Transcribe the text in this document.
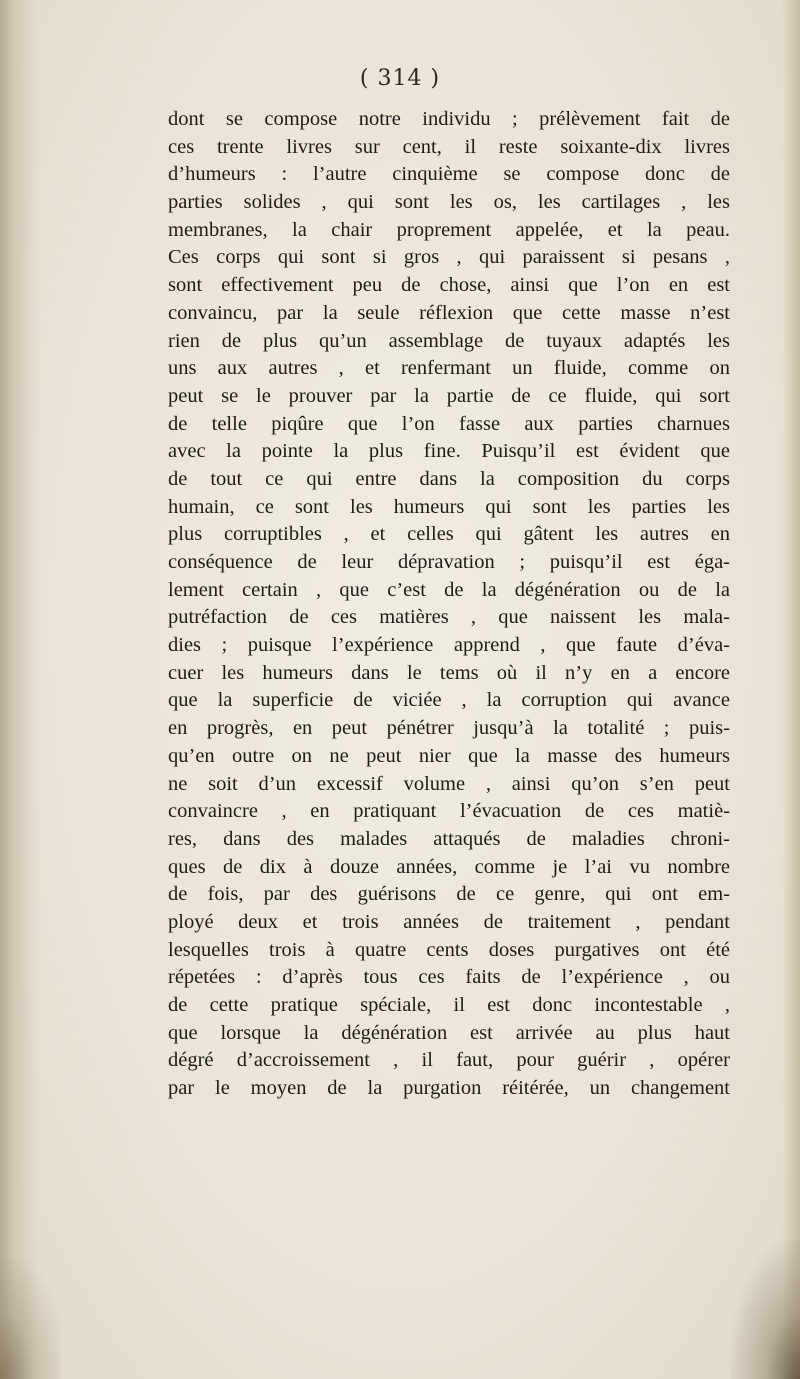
( 314 )
dont se compose notre individu ; prélèvement fait de
ces trente livres sur cent, il reste soixante-dix livres
d’humeurs : l’autre cinquième se compose donc de
parties solides , qui sont les os, les cartilages , les
membranes, la chair proprement appelée, et la peau.
Ces corps qui sont si gros , qui paraissent si pesans ,
sont effectivement peu de chose, ainsi que l’on en est
convaincu, par la seule réflexion que cette masse n’est
rien de plus qu’un assemblage de tuyaux adaptés les
uns aux autres , et renfermant un fluide, comme on
peut se le prouver par la partie de ce fluide, qui sort
de telle piqûre que l’on fasse aux parties charnues
avec la pointe la plus fine. Puisqu’il est évident que
de tout ce qui entre dans la composition du corps
humain, ce sont les humeurs qui sont les parties les
plus corruptibles , et celles qui gâtent les autres en
conséquence de leur dépravation ; puisqu’il est éga-
lement certain , que c’est de la dégénération ou de la
putréfaction de ces matières , que naissent les mala-
dies ; puisque l’expérience apprend , que faute d’éva-
cuer les humeurs dans le tems où il n’y en a encore
que la superficie de viciée , la corruption qui avance
en progrès, en peut pénétrer jusqu’à la totalité ; puis-
qu’en outre on ne peut nier que la masse des humeurs
ne soit d’un excessif volume , ainsi qu’on s’en peut
convaincre , en pratiquant l’évacuation de ces matiè-
res, dans des malades attaqués de maladies chroni-
ques de dix à douze années, comme je l’ai vu nombre
de fois, par des guérisons de ce genre, qui ont em-
ployé deux et trois années de traitement , pendant
lesquelles trois à quatre cents doses purgatives ont été
répetées : d’après tous ces faits de l’expérience , ou
de cette pratique spéciale, il est donc incontestable ,
que lorsque la dégénération est arrivée au plus haut
dégré d’accroissement , il faut, pour guérir , opérer
par le moyen de la purgation réitérée, un changement
